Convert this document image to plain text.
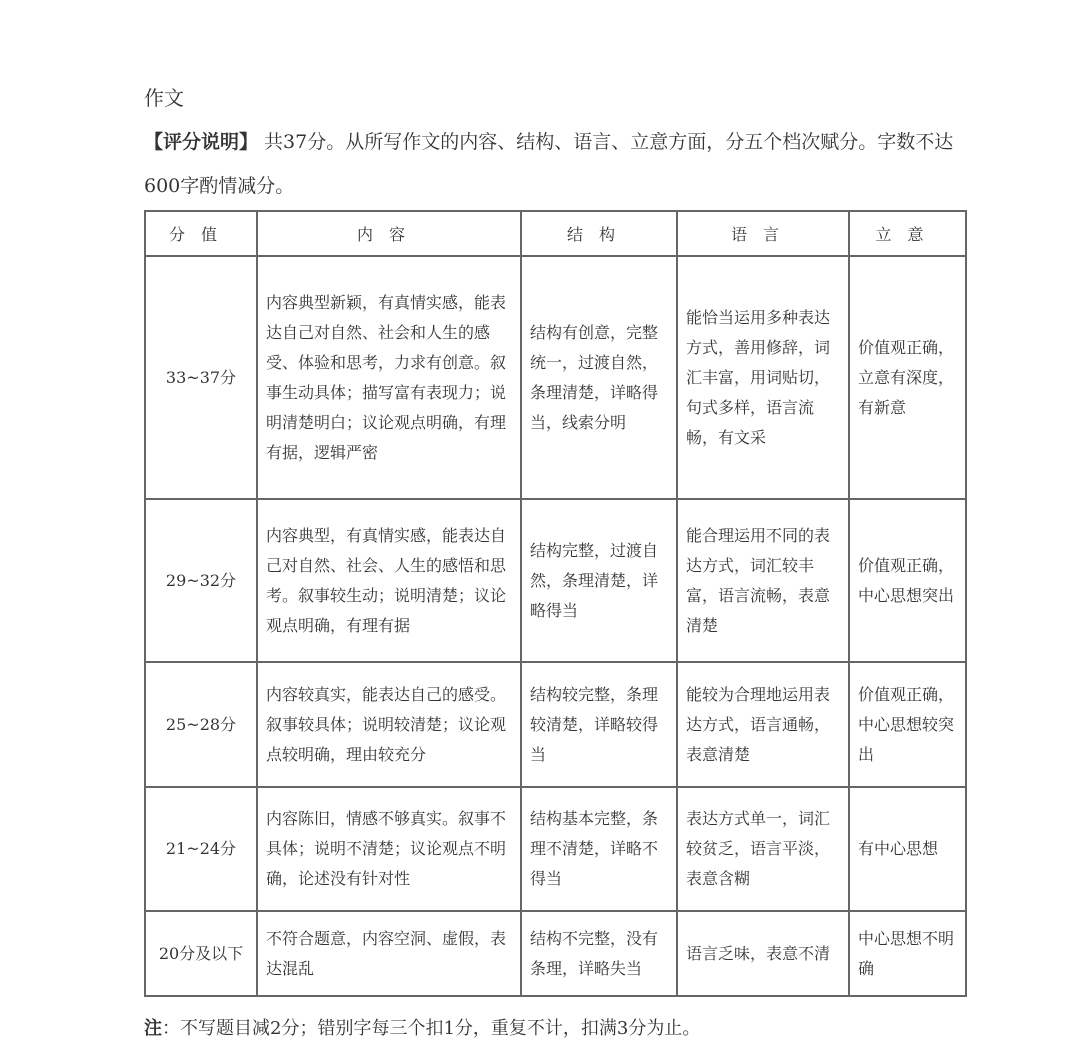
作文
【评分说明】 共37分。从所写作文的内容、结构、语言、立意方面，分五个档次赋分。字数不达600字酌情减分。
分值	内容	结构	语言	立意
33~37分	内容典型新颖，有真情实感，能表达自己对自然、社会和人生的感受、体验和思考，力求有创意。叙事生动具体；描写富有表现力；说明清楚明白；议论观点明确，有理有据，逻辑严密	结构有创意，完整统一，过渡自然，条理清楚，详略得当，线索分明	能恰当运用多种表达方式，善用修辞，词汇丰富，用词贴切，句式多样，语言流畅，有文采	价值观正确，立意有深度，有新意
29~32分	内容典型，有真情实感，能表达自己对自然、社会、人生的感悟和思考。叙事较生动；说明清楚；议论观点明确，有理有据	结构完整，过渡自然，条理清楚，详略得当	能合理运用不同的表达方式，词汇较丰富，语言流畅，表意清楚	价值观正确，中心思想突出
25~28分	内容较真实，能表达自己的感受。叙事较具体；说明较清楚；议论观点较明确，理由较充分	结构较完整，条理较清楚，详略较得当	能较为合理地运用表达方式，语言通畅，表意清楚	价值观正确，中心思想较突出
21~24分	内容陈旧，情感不够真实。叙事不具体；说明不清楚；议论观点不明确，论述没有针对性	结构基本完整，条理不清楚，详略不得当	表达方式单一，词汇较贫乏，语言平淡，表意含糊	有中心思想
20分及以下	不符合题意，内容空洞、虚假，表达混乱	结构不完整，没有条理，详略失当	语言乏味，表意不清	中心思想不明确
注：不写题目减2分；错别字每三个扣1分，重复不计，扣满3分为止。
